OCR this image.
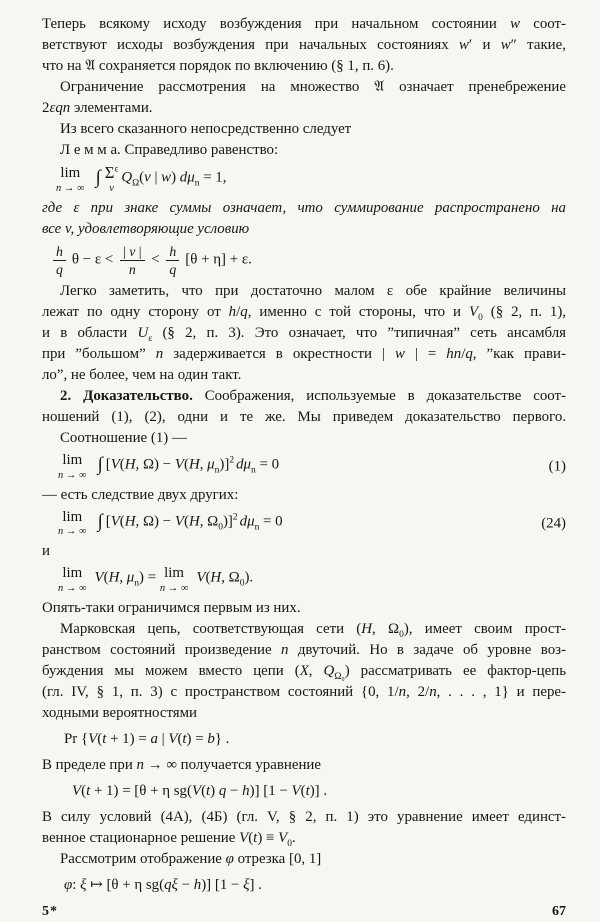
Теперь всякому исходу возбуждения при начальном состоянии w соот-
ветствуют исходы возбуждения при начальных состояниях w′ и w″ такие,
что на 𝔄 сохраняется порядок по включению (§ 1, п. 6).
Ограничение рассмотрения на множество 𝔄 означает пренебрежение
2εqn элементами.
Из всего сказанного непосредственно следует
Л е м м а. Справедливо равенство:
lim
n → ∞ ∫ $\Sigma^\varepsilon$
v
$Q_\Omega(v$ | w) $d\mu_n = 1$,
где ε при знаке суммы означает, что суммирование распространено на
все v, удовлетворяющие условию
$\frac{h}{q}$ $\theta - \varepsilon < \frac{| v |}{n} < \frac{h}{q} [\theta + \eta] + \varepsilon$.
Легко заметить, что при достаточно малом ε обе крайние величины
лежат по одну сторону от h/q, именно с той стороны, что и $V_0$ (§ 2, п. 1),
и в области $U_\varepsilon$ (§ 2, п. 3). Это означает, что ”типичная” сеть ансамбля
при ”большом” n задерживается в окрестности | w | = hn/q, ”как прави-
ло”, не более, чем на один такт.
2. Доказательство. Соображения, используемые в доказательстве соот-
ношений (1), (2), одни и те же. Мы приведем доказательство первого.
Соотношение (1) —
lim
n → ∞ ∫ [V(H, Ω) − V(H, $\mu_n)]^2$ $d\mu_n = 0$	(1)
— есть следствие двух других:
lim
n → ∞ ∫ [V(H, Ω) − V(H, $\Omega_0)]^2$ $d\mu_n = 0$	(24)
и
lim
n → ∞
V(H, $\mu_n) = \lim$
n → ∞
V(H, $\Omega_0$).
Опять-таки ограничимся первым из них.
Марковская цепь, соответствующая сети (H, $\Omega_0$), имеет своим прост-
ранством состояний произведение n двуточий. Но в задаче об уровне воз-
буждения мы можем вместо цепи (X, $Q_{\Omega_0}$) рассматривать ее фактор-цепь
(гл. IV, § 1, п. 3) с пространством состояний {0, 1/n, 2/n, . . . , 1} и пере-
ходными вероятностями
Pr {V(t + 1) = a | V(t) = b} .
В пределе при n → ∞ получается уравнение
V(t + 1) = [θ + η sg(V(t) q − h)] [1 − V(t)] .
В силу условий (4А), (4Б) (гл. V, § 2, п. 1) это уравнение имеет единст-
венное стационарное решение $V(t) \equiv V_0$.
Рассмотрим отображение φ отрезка [0, 1]
φ: ξ ↦ [θ + η sg(qξ − h)] [1 − ξ] .
5*	67
